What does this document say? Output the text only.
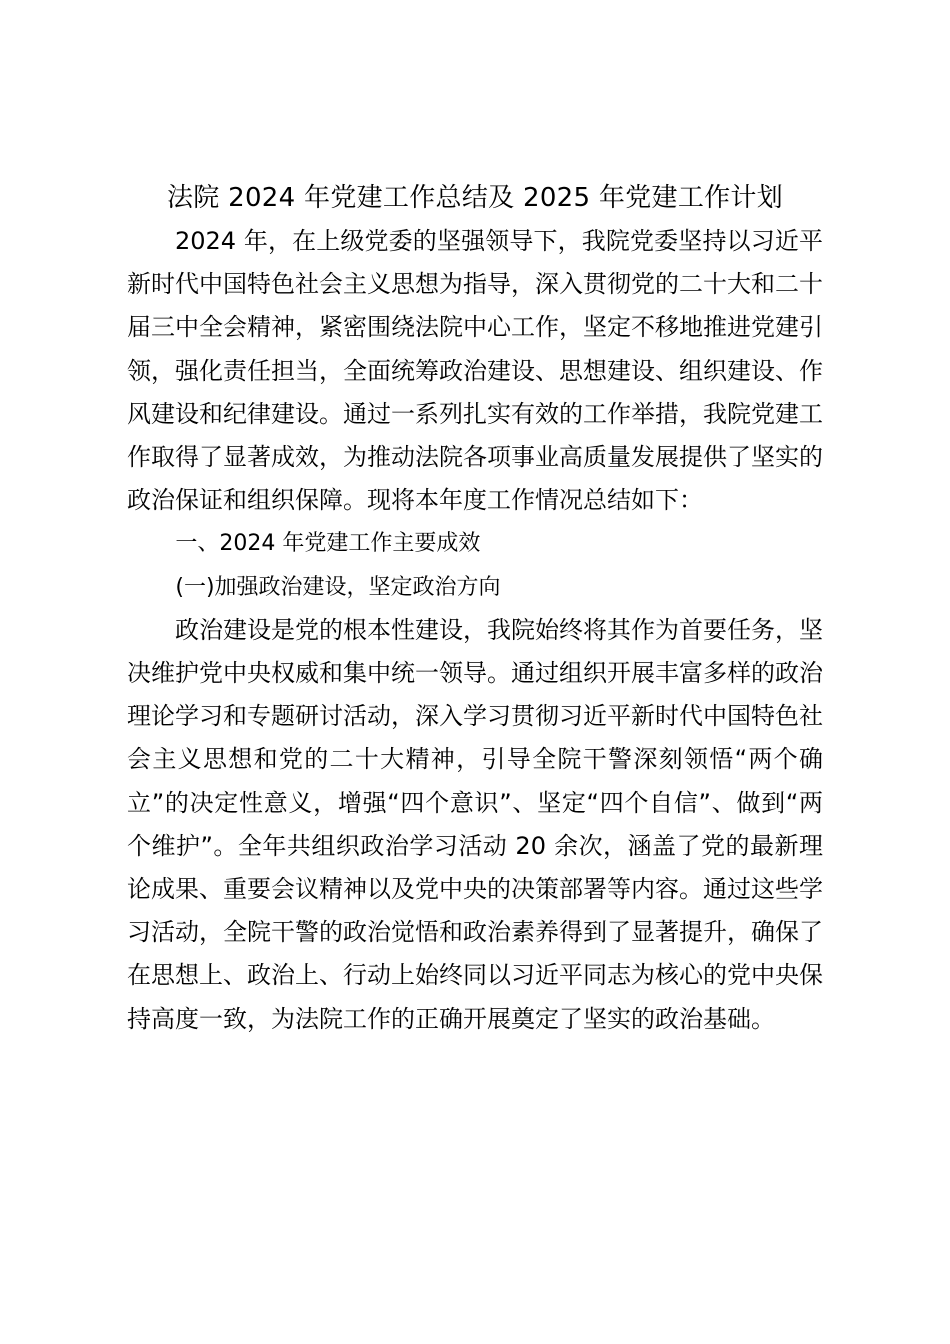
法院 2024 年党建工作总结及 2025 年党建工作计划

2024 年，在上级党委的坚强领导下，我院党委坚持以习近平新时代中国特色社会主义思想为指导，深入贯彻党的二十大和二十届三中全会精神，紧密围绕法院中心工作，坚定不移地推进党建引领，强化责任担当，全面统筹政治建设、思想建设、组织建设、作风建设和纪律建设。通过一系列扎实有效的工作举措，我院党建工作取得了显著成效，为推动法院各项事业高质量发展提供了坚实的政治保证和组织保障。现将本年度工作情况总结如下：

一、2024 年党建工作主要成效

(一)加强政治建设，坚定政治方向

政治建设是党的根本性建设，我院始终将其作为首要任务，坚决维护党中央权威和集中统一领导。通过组织开展丰富多样的政治理论学习和专题研讨活动，深入学习贯彻习近平新时代中国特色社会主义思想和党的二十大精神，引导全院干警深刻领悟“两个确立”的决定性意义，增强“四个意识”、坚定“四个自信”、做到“两个维护”。全年共组织政治学习活动 20 余次，涵盖了党的最新理论成果、重要会议精神以及党中央的决策部署等内容。通过这些学习活动，全院干警的政治觉悟和政治素养得到了显著提升，确保了在思想上、政治上、行动上始终同以习近平同志为核心的党中央保持高度一致，为法院工作的正确开展奠定了坚实的政治基础。
